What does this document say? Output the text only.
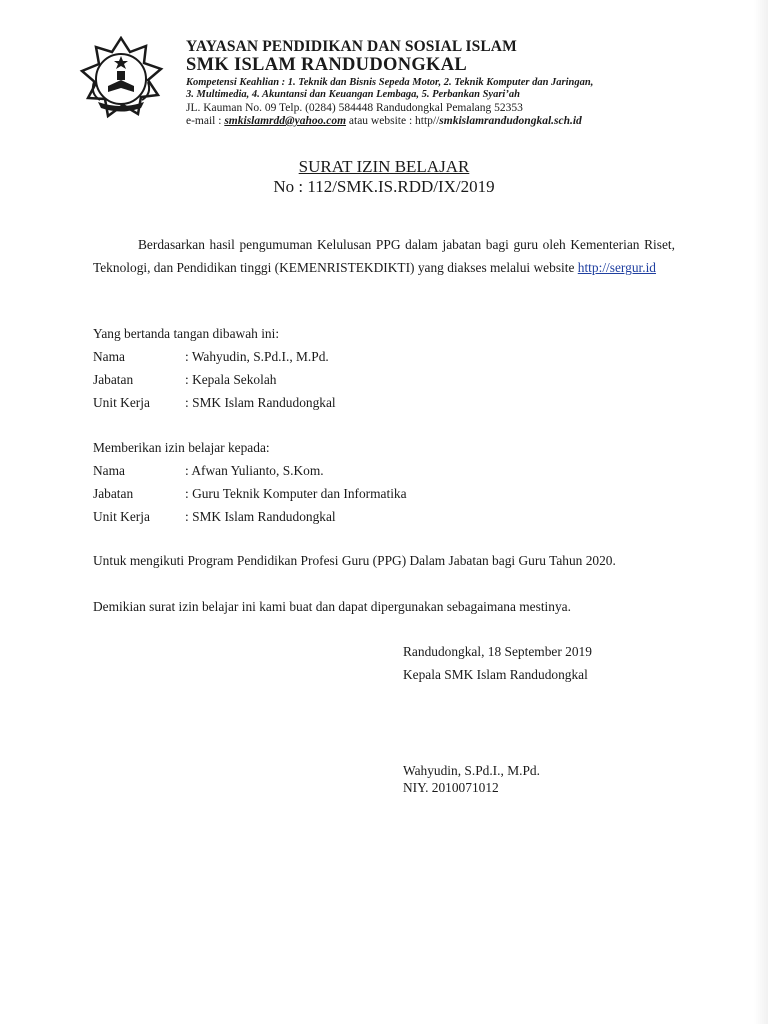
YAYASAN PENDIDIKAN DAN SOSIAL ISLAM
SMK ISLAM RANDUDONGKAL
Kompetensi Keahlian : 1. Teknik dan Bisnis Sepeda Motor, 2. Teknik Komputer dan Jaringan,
3. Multimedia, 4. Akuntansi dan Keuangan Lembaga, 5. Perbankan Syari’ah
JL. Kauman No. 09 Telp. (0284) 584448 Randudongkal Pemalang 52353
e-mail : smkislamrdd@yahoo.com atau website : http//smkislamrandudongkal.sch.id
SURAT IZIN BELAJAR
No : 112/SMK.IS.RDD/IX/2019
Berdasarkan hasil pengumuman Kelulusan PPG dalam jabatan bagi guru oleh Kementerian Riset, Teknologi, dan Pendidikan tinggi (KEMENRISTEKDIKTI) yang diakses melalui website http://sergur.id
Yang bertanda tangan dibawah ini:
Nama	: Wahyudin, S.Pd.I., M.Pd.
Jabatan	: Kepala Sekolah
Unit Kerja	: SMK Islam Randudongkal
Memberikan izin belajar kepada:
Nama	: Afwan Yulianto, S.Kom.
Jabatan	: Guru Teknik Komputer dan Informatika
Unit Kerja	: SMK Islam Randudongkal
Untuk mengikuti Program Pendidikan Profesi Guru (PPG) Dalam Jabatan bagi Guru Tahun 2020.
Demikian surat izin belajar ini kami buat dan dapat dipergunakan sebagaimana mestinya.
Randudongkal, 18 September 2019
Kepala SMK Islam Randudongkal
Wahyudin, S.Pd.I., M.Pd.
NIY. 2010071012
